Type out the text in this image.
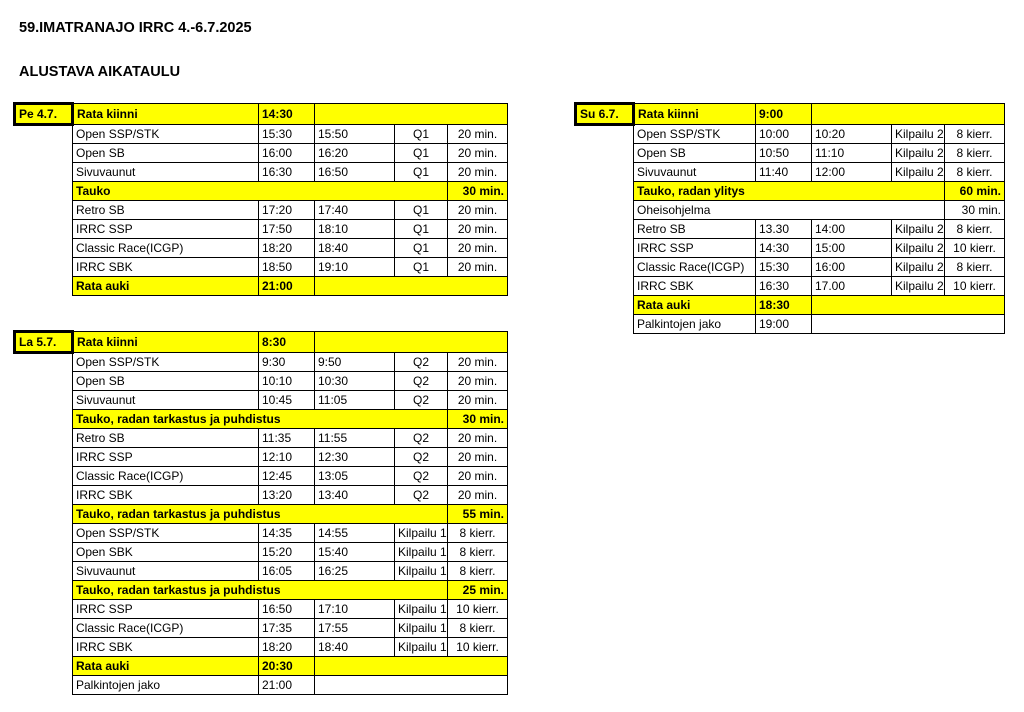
59.IMATRANAJO IRRC 4.-6.7.2025
ALUSTAVA AIKATAULU
Pe 4.7.	Rata kiinni	14:30			
	Open SSP/STK	15:30	15:50	Q1	20 min.
	Open SB	16:00	16:20	Q1	20 min.
	Sivuvaunut	16:30	16:50	Q1	20 min.
	Tauko				30 min.
	Retro SB	17:20	17:40	Q1	20 min.
	IRRC SSP	17:50	18:10	Q1	20 min.
	Classic Race(ICGP)	18:20	18:40	Q1	20 min.
	IRRC SBK	18:50	19:10	Q1	20 min.
	Rata auki	21:00			
La 5.7.	Rata kiinni	8:30			
	Open SSP/STK	9:30	9:50	Q2	20 min.
	Open SB	10:10	10:30	Q2	20 min.
	Sivuvaunut	10:45	11:05	Q2	20 min.
	Tauko, radan tarkastus ja puhdistus				30 min.
	Retro SB	11:35	11:55	Q2	20 min.
	IRRC SSP	12:10	12:30	Q2	20 min.
	Classic Race(ICGP)	12:45	13:05	Q2	20 min.
	IRRC SBK	13:20	13:40	Q2	20 min.
	Tauko, radan tarkastus ja puhdistus				55 min.
	Open SSP/STK	14:35	14:55	Kilpailu 1	8 kierr.
	Open SBK	15:20	15:40	Kilpailu 1	8 kierr.
	Sivuvaunut	16:05	16:25	Kilpailu 1	8 kierr.
	Tauko, radan tarkastus ja puhdistus				25 min.
	IRRC SSP	16:50	17:10	Kilpailu 1	10 kierr.
	Classic Race(ICGP)	17:35	17:55	Kilpailu 1	8 kierr.
	IRRC SBK	18:20	18:40	Kilpailu 1	10 kierr.
	Rata auki	20:30			
	Palkintojen jako	21:00			
Su 6.7.	Rata kiinni	9:00			
	Open SSP/STK	10:00	10:20	Kilpailu 2	8 kierr.
	Open SB	10:50	11:10	Kilpailu 2	8 kierr.
	Sivuvaunut	11:40	12:00	Kilpailu 2	8 kierr.
	Tauko, radan ylitys				60 min.
	Oheisohjelma				30 min.
	Retro SB	13.30	14:00	Kilpailu 2	8 kierr.
	IRRC SSP	14:30	15:00	Kilpailu 2	10 kierr.
	Classic Race(ICGP)	15:30	16:00	Kilpailu 2	8 kierr.
	IRRC SBK	16:30	17.00	Kilpailu 2	10 kierr.
	Rata auki	18:30			
	Palkintojen jako	19:00			
